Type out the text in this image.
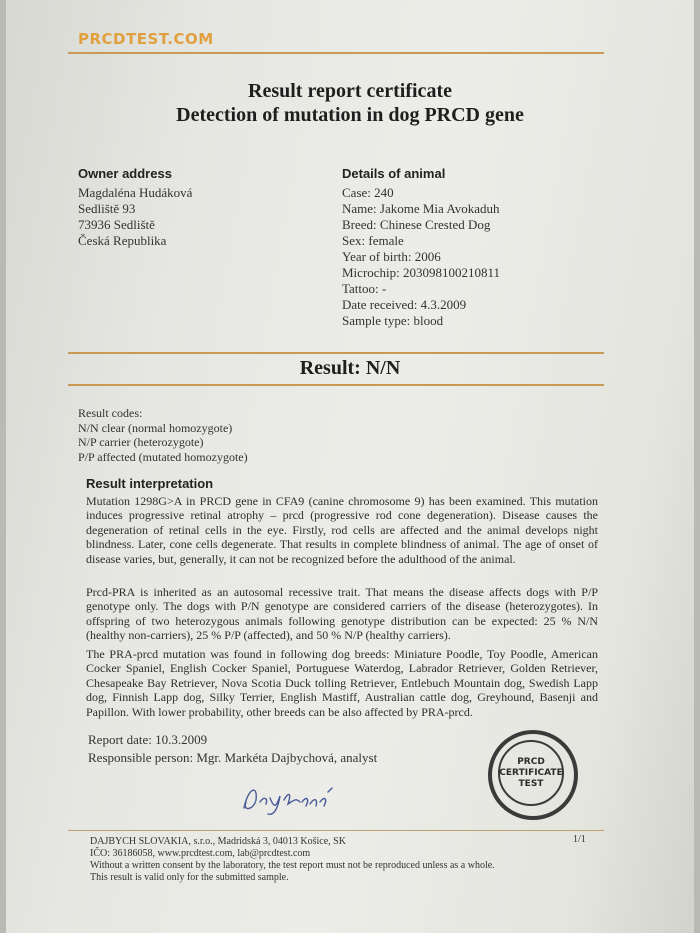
PRCDTEST.COM
Result report certificate
Detection of mutation in dog PRCD gene
Owner address
Magdaléna Hudáková
Sedliště 93
73936 Sedliště
Česká Republika
Details of animal
Case: 240
Name: Jakome Mia Avokaduh
Breed: Chinese Crested Dog
Sex: female
Year of birth: 2006
Microchip: 203098100210811
Tattoo: -
Date received: 4.3.2009
Sample type: blood
Result: N/N
Result codes:
N/N clear (normal homozygote)
N/P carrier (heterozygote)
P/P affected (mutated homozygote)
Result interpretation
Mutation 1298G>A in PRCD gene in CFA9 (canine chromosome 9) has been examined. This mutation induces progressive retinal atrophy – prcd (progressive rod cone degeneration). Disease causes the degeneration of retinal cells in the eye. Firstly, rod cells are affected and the animal develops night blindness. Later, cone cells degenerate. That results in complete blindness of animal. The age of onset of disease varies, but, generally, it can not be recognized before the adulthood of the animal.
Prcd-PRA is inherited as an autosomal recessive trait. That means the disease affects dogs with P/P genotype only. The dogs with P/N genotype are considered carriers of the disease (heterozygotes). In offspring of two heterozygous animals following genotype distribution can be expected: 25 % N/N (healthy non-carriers), 25 % P/P (affected), and 50 % N/P (healthy carriers).
The PRA-prcd mutation was found in following dog breeds: Miniature Poodle, Toy Poodle, American Cocker Spaniel, English Cocker Spaniel, Portuguese Waterdog, Labrador Retriever, Golden Retriever, Chesapeake Bay Retriever, Nova Scotia Duck tolling Retriever, Entlebuch Mountain dog, Swedish Lapp dog, Finnish Lapp dog, Silky Terrier, English Mastiff, Australian cattle dog, Greyhound, Basenji and Papillon. With lower probability, other breeds can be also affected by PRA-prcd.
Report date: 10.3.2009
Responsible person: Mgr. Markéta Dajbychová, analyst	PRCD
CERTIFICATE
TEST
1/1
DAJBYCH SLOVAKIA, s.r.o., Madridská 3, 04013 Košice, SK
IČO: 36186058, www.prcdtest.com, lab@prcdtest.com
Without a written consent by the laboratory, the test report must not be reproduced unless as a whole.
This result is valid only for the submitted sample.
